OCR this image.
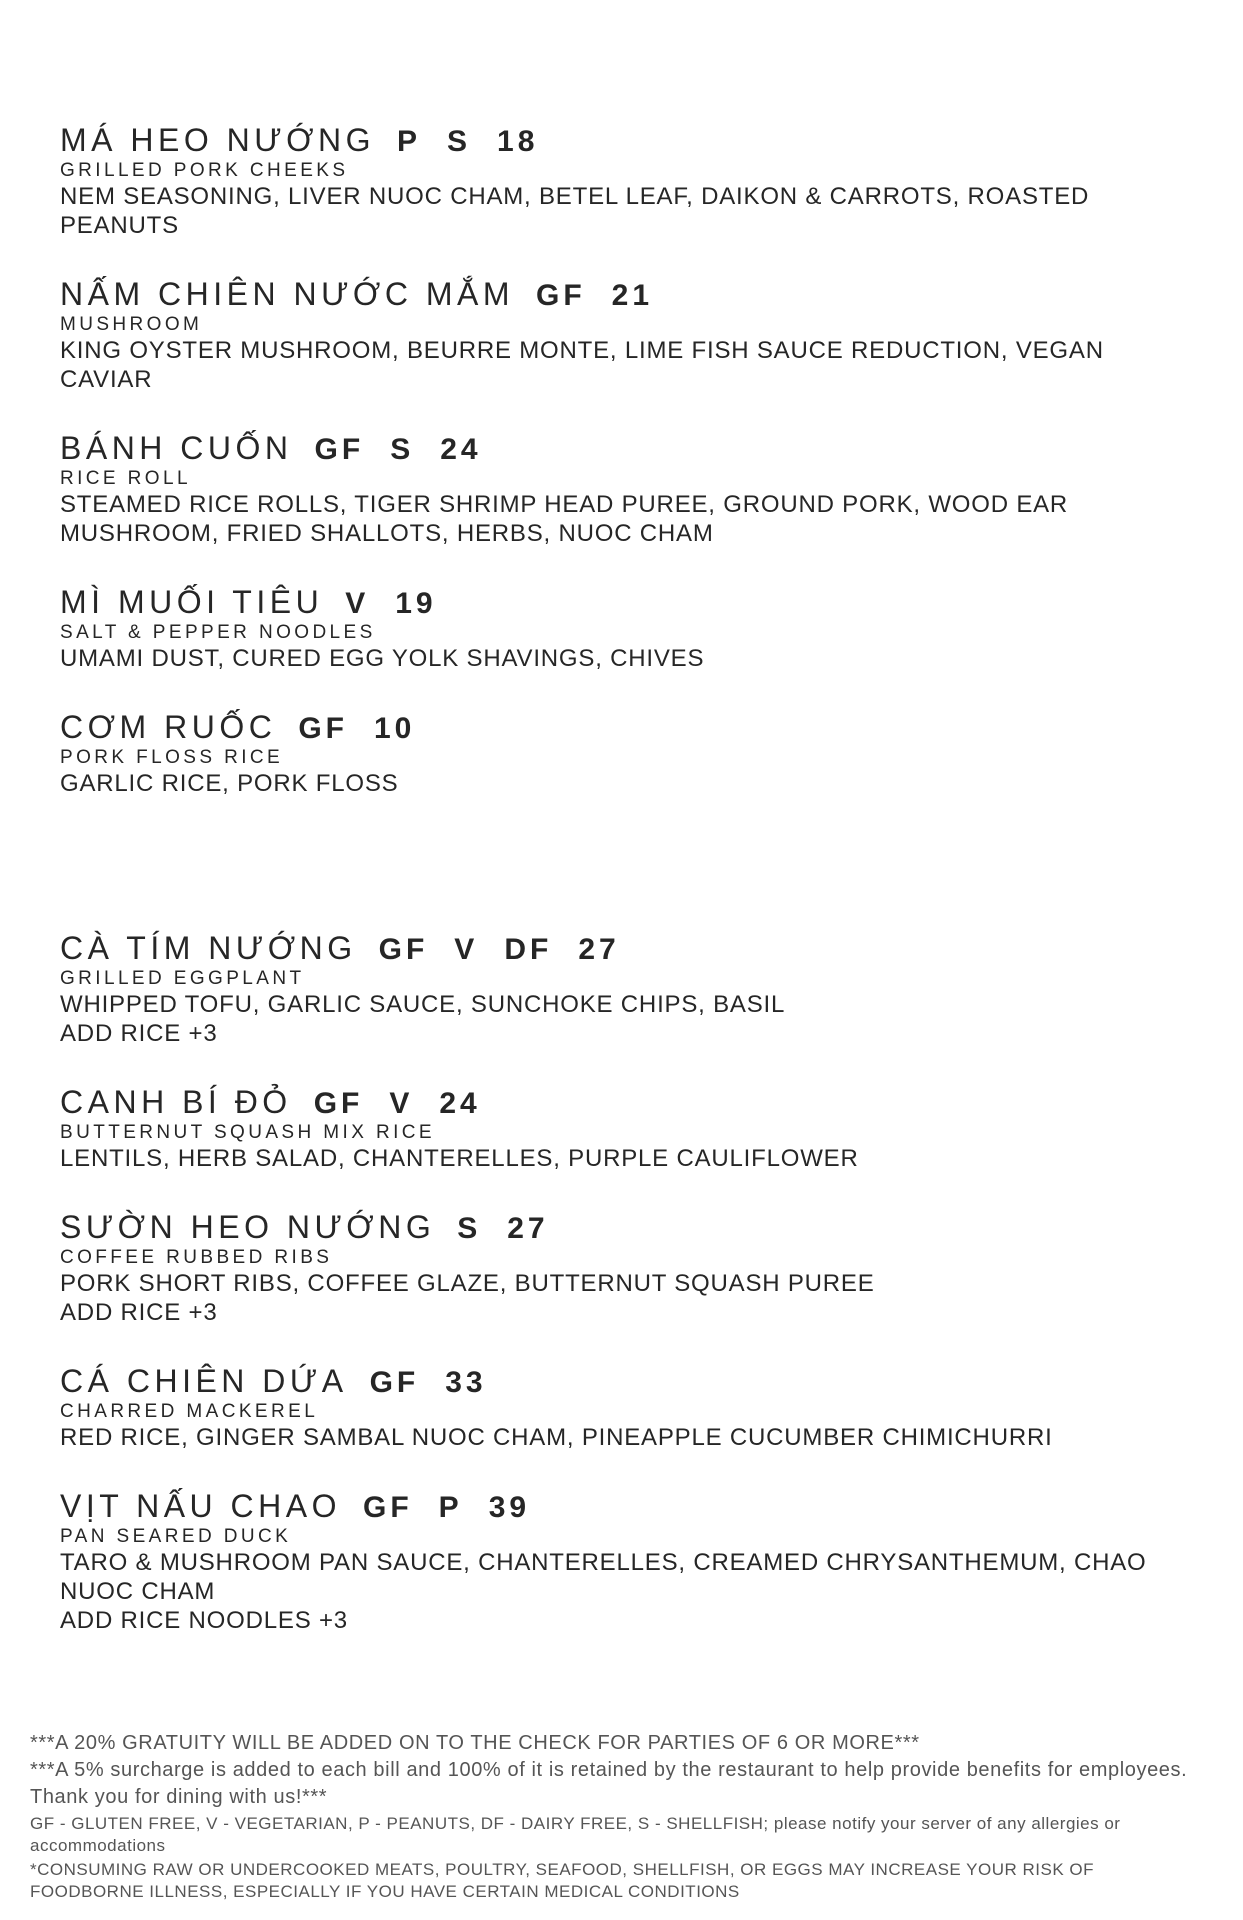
MÁ HEO NƯỚNG P S 18
GRILLED PORK CHEEKS
NEM SEASONING, LIVER NUOC CHAM, BETEL LEAF, DAIKON & CARROTS, ROASTED PEANUTS
NẤM CHIÊN NƯỚC MẮM GF 21
MUSHROOM
KING OYSTER MUSHROOM, BEURRE MONTE, LIME FISH SAUCE REDUCTION, VEGAN CAVIAR
BÁNH CUỐN GF S 24
RICE ROLL
STEAMED RICE ROLLS, TIGER SHRIMP HEAD PUREE, GROUND PORK, WOOD EAR MUSHROOM, FRIED SHALLOTS, HERBS, NUOC CHAM
MÌ MUỐI TIÊU V 19
SALT & PEPPER NOODLES
UMAMI DUST, CURED EGG YOLK SHAVINGS, CHIVES
CƠM RUỐC GF 10
PORK FLOSS RICE
GARLIC RICE, PORK FLOSS
CÀ TÍM NƯỚNG GF V DF 27
GRILLED EGGPLANT
WHIPPED TOFU, GARLIC SAUCE, SUNCHOKE CHIPS, BASIL
ADD RICE +3
CANH BÍ ĐỎ GF V 24
BUTTERNUT SQUASH MIX RICE
LENTILS, HERB SALAD, CHANTERELLES, PURPLE CAULIFLOWER
SƯỜN HEO NƯỚNG S 27
COFFEE RUBBED RIBS
PORK SHORT RIBS, COFFEE GLAZE, BUTTERNUT SQUASH PUREE
ADD RICE +3
CÁ CHIÊN DỨA GF 33
CHARRED MACKEREL
RED RICE, GINGER SAMBAL NUOC CHAM, PINEAPPLE CUCUMBER CHIMICHURRI
VỊT NẤU CHAO GF P 39
PAN SEARED DUCK
TARO & MUSHROOM PAN SAUCE, CHANTERELLES, CREAMED CHRYSANTHEMUM, CHAO NUOC CHAM
ADD RICE NOODLES +3
***A 20% GRATUITY WILL BE ADDED ON TO THE CHECK FOR PARTIES OF 6 OR MORE***
***A 5% surcharge is added to each bill and 100% of it is retained by the restaurant to help provide benefits for employees. Thank you for dining with us!***
GF - GLUTEN FREE, V - VEGETARIAN, P - PEANUTS, DF - DAIRY FREE, S - SHELLFISH; please notify your server of any allergies or accommodations
*CONSUMING RAW OR UNDERCOOKED MEATS, POULTRY, SEAFOOD, SHELLFISH, OR EGGS MAY INCREASE YOUR RISK OF FOODBORNE ILLNESS, ESPECIALLY IF YOU HAVE CERTAIN MEDICAL CONDITIONS
